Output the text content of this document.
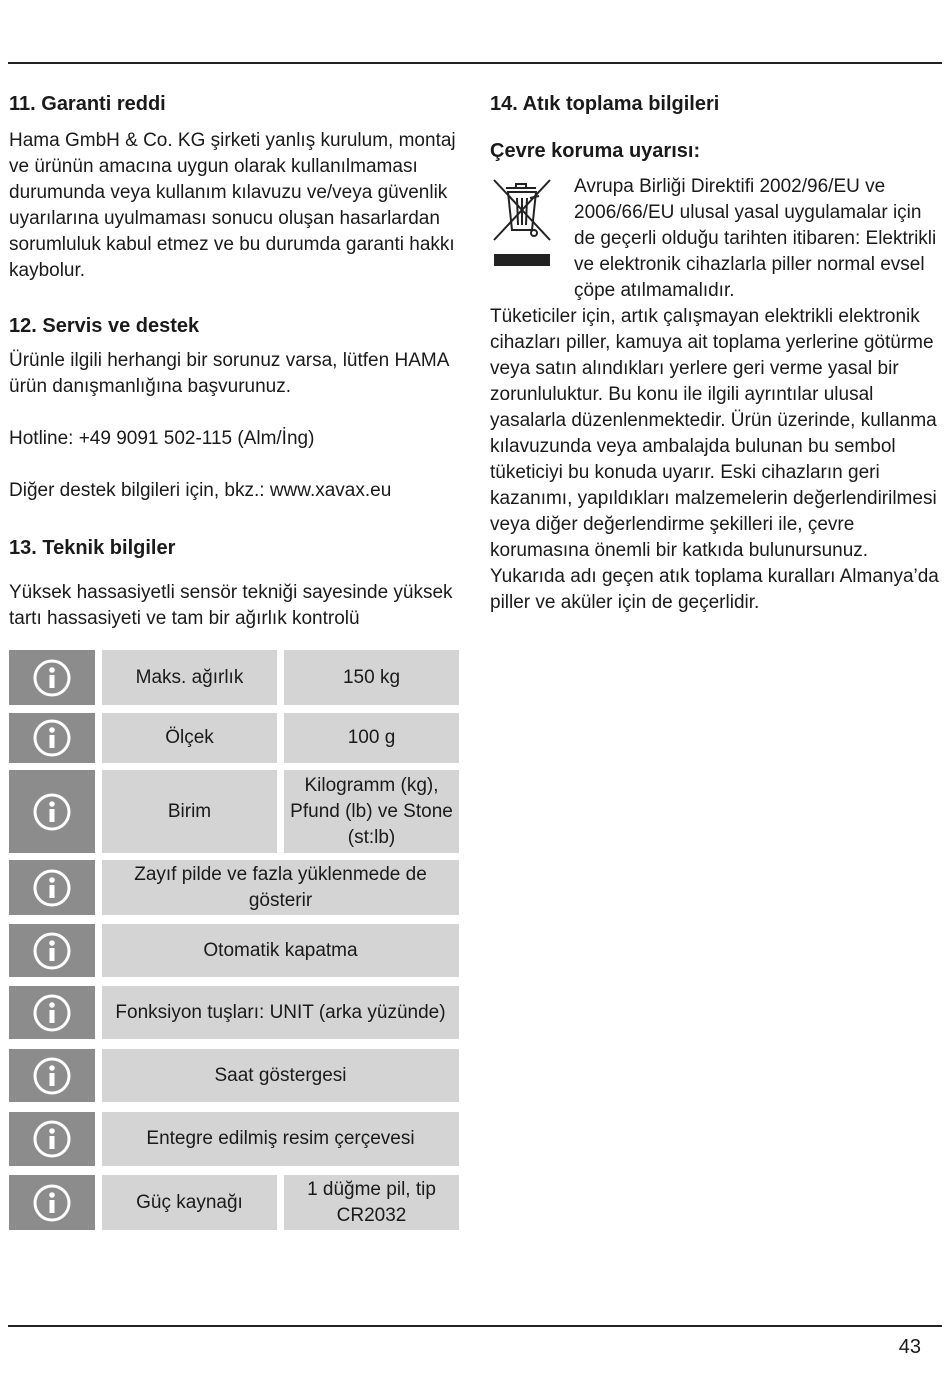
11. Garanti reddi

Hama GmbH & Co. KG şirketi yanlış kurulum, montaj ve ürünün amacına uygun olarak kullanılmaması durumunda veya kullanım kılavuzu ve/veya güvenlik uyarılarına uyulmaması sonucu oluşan hasarlardan sorumluluk kabul etmez ve bu durumda garanti hakkı kaybolur.

12. Servis ve destek

Ürünle ilgili herhangi bir sorunuz varsa, lütfen HAMA ürün danışmanlığına başvurunuz.

Hotline: +49 9091 502-115 (Alm/İng)

Diğer destek bilgileri için, bkz.: www.xavax.eu

13. Teknik bilgiler

Yüksek hassasiyetli sensör tekniği sayesinde yüksek tartı hassasiyeti ve tam bir ağırlık kontrolü

Maks. ağırlık	150 kg
Ölçek	100 g
Birim
Kilogramm (kg), Pfund (lb) ve Stone (st:lb)
Zayıf pilde ve fazla yüklenmede de gösterir
Otomatik kapatma
Fonksiyon tuşları: UNIT (arka yüzünde)
Saat göstergesi
Entegre edilmiş resim çerçevesi
Güç kaynağı
1 düğme pil, tip CR2032
14. Atık toplama bilgileri
Çevre koruma uyarısı:

Avrupa Birliği Direktifi 2002/96/EU ve 2006/66/EU ulusal yasal uygulamalar için de geçerli olduğu tarihten itibaren: Elektrikli ve elektronik cihazlarla piller normal evsel çöpe atılmamalıdır.

Tüketiciler için, artık çalışmayan elektrikli elektronik cihazları piller, kamuya ait toplama yerlerine götürme veya satın alındıkları yerlere geri verme yasal bir zorunluluktur. Bu konu ile ilgili ayrıntılar ulusal yasalarla düzenlenmektedir. Ürün üzerinde, kullanma kılavuzunda veya ambalajda bulunan bu sembol tüketiciyi bu konuda uyarır. Eski cihazların geri kazanımı, yapıldıkları malzemelerin değerlendirilmesi veya diğer değerlendirme şekilleri ile, çevre korumasına önemli bir katkıda bulunursunuz. Yukarıda adı geçen atık toplama kuralları Almanya’da piller ve aküler için de geçerlidir.

43
